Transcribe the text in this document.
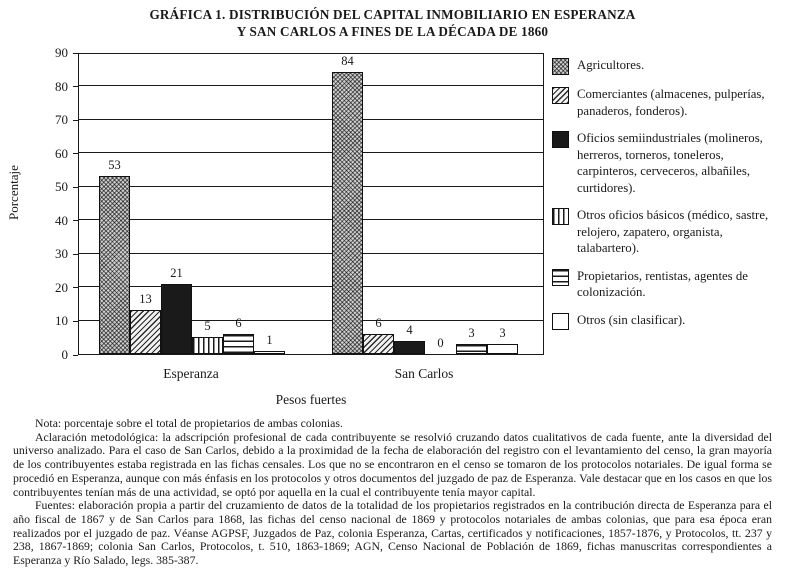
GRÁFICA 1. DISTRIBUCIÓN DEL CAPITAL INMOBILIARIO EN ESPERANZA
Y SAN CARLOS A FINES DE LA DÉCADA DE 1860
Porcentaje
53
13
21
5	6
1
84
6	4
0
3	3
Esperanza	San Carlos
Pesos fuertes
Agricultores.
Comerciantes (almacenes, pulperías, panaderos, fonderos).
Oficios semiindustriales (molineros, herreros, torneros, toneleros, carpinteros, cerveceros, albañiles, curtidores).
Otros oficios básicos (médico, sastre, relojero, zapatero, organista, talabartero).
Propietarios, rentistas, agentes de colonización.
Otros (sin clasificar).

Nota: porcentaje sobre el total de propietarios de ambas colonias.

Aclaración metodológica: la adscripción profesional de cada contribuyente se resolvió cruzando datos cualitativos de cada fuente, ante la diversidad del universo analizado. Para el caso de San Carlos, debido a la proximidad de la fecha de elaboración del registro con el levantamiento del censo, la gran mayoría de los contribuyentes estaba registrada en las fichas censales. Los que no se encontraron en el censo se tomaron de los protocolos notariales. De igual forma se procedió en Esperanza, aunque con más énfasis en los protocolos y otros documentos del juzgado de paz de Esperanza. Vale destacar que en los casos en que los contribuyentes tenían más de una actividad, se optó por aquella en la cual el contribuyente tenía mayor capital.

Fuentes: elaboración propia a partir del cruzamiento de datos de la totalidad de los propietarios registrados en la contribución directa de Esperanza para el año fiscal de 1867 y de San Carlos para 1868, las fichas del censo nacional de 1869 y protocolos notariales de ambas colonias, que para esa época eran realizados por el juzgado de paz. Véanse AGPSF, Juzgados de Paz, colonia Esperanza, Cartas, certificados y notificaciones, 1857-1876, y Protocolos, tt. 237 y 238, 1867-1869; colonia San Carlos, Protocolos, t. 510, 1863-1869; AGN, Censo Nacional de Población de 1869, fichas manuscritas correspondientes a Esperanza y Río Salado, legs. 385-387.

0
10
20
30
40
50
60
70
80
90
